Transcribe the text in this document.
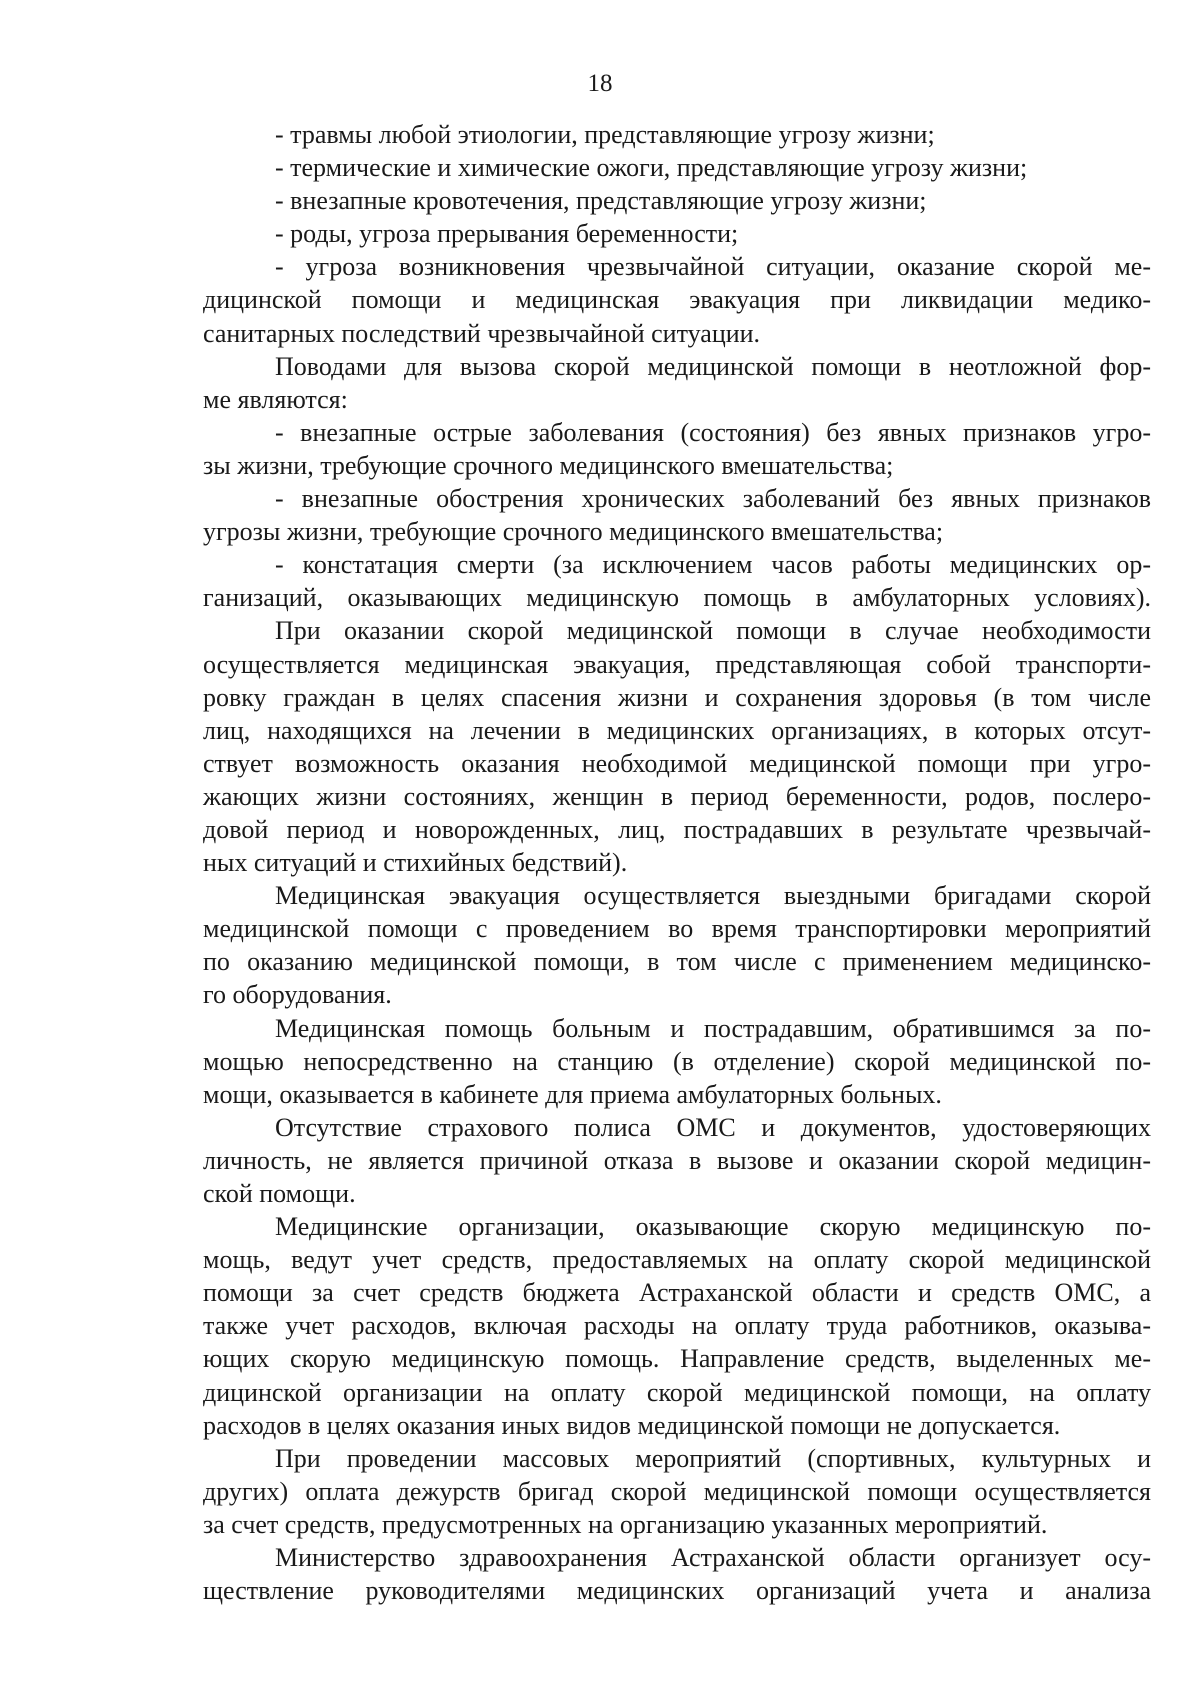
18
- травмы любой этиологии, представляющие угрозу жизни;
- термические и химические ожоги, представляющие угрозу жизни;
- внезапные кровотечения, представляющие угрозу жизни;
- роды, угроза прерывания беременности;
- угроза возникновения чрезвычайной ситуации, оказание скорой ме-
дицинской помощи и медицинская эвакуация при ликвидации медико-
санитарных последствий чрезвычайной ситуации.
Поводами для вызова скорой медицинской помощи в неотложной фор-
ме являются:
- внезапные острые заболевания (состояния) без явных признаков угро-
зы жизни, требующие срочного медицинского вмешательства;
- внезапные обострения хронических заболеваний без явных признаков
угрозы жизни, требующие срочного медицинского вмешательства;
- констатация смерти (за исключением часов работы медицинских ор-
ганизаций, оказывающих медицинскую помощь в амбулаторных условиях).
При оказании скорой медицинской помощи в случае необходимости
осуществляется медицинская эвакуация, представляющая собой транспорти-
ровку граждан в целях спасения жизни и сохранения здоровья (в том числе
лиц, находящихся на лечении в медицинских организациях, в которых отсут-
ствует возможность оказания необходимой медицинской помощи при угро-
жающих жизни состояниях, женщин в период беременности, родов, послеро-
довой период и новорожденных, лиц, пострадавших в результате чрезвычай-
ных ситуаций и стихийных бедствий).
Медицинская эвакуация осуществляется выездными бригадами скорой
медицинской помощи с проведением во время транспортировки мероприятий
по оказанию медицинской помощи, в том числе с применением медицинско-
го оборудования.
Медицинская помощь больным и пострадавшим, обратившимся за по-
мощью непосредственно на станцию (в отделение) скорой медицинской по-
мощи, оказывается в кабинете для приема амбулаторных больных.
Отсутствие страхового полиса ОМС и документов, удостоверяющих
личность, не является причиной отказа в вызове и оказании скорой медицин-
ской помощи.
Медицинские организации, оказывающие скорую медицинскую по-
мощь, ведут учет средств, предоставляемых на оплату скорой медицинской
помощи за счет средств бюджета Астраханской области и средств ОМС, а
также учет расходов, включая расходы на оплату труда работников, оказыва-
ющих скорую медицинскую помощь. Направление средств, выделенных ме-
дицинской организации на оплату скорой медицинской помощи, на оплату
расходов в целях оказания иных видов медицинской помощи не допускается.
При проведении массовых мероприятий (спортивных, культурных и
других) оплата дежурств бригад скорой медицинской помощи осуществляется
за счет средств, предусмотренных на организацию указанных мероприятий.
Министерство здравоохранения Астраханской области организует осу-
ществление руководителями медицинских организаций учета и анализа
